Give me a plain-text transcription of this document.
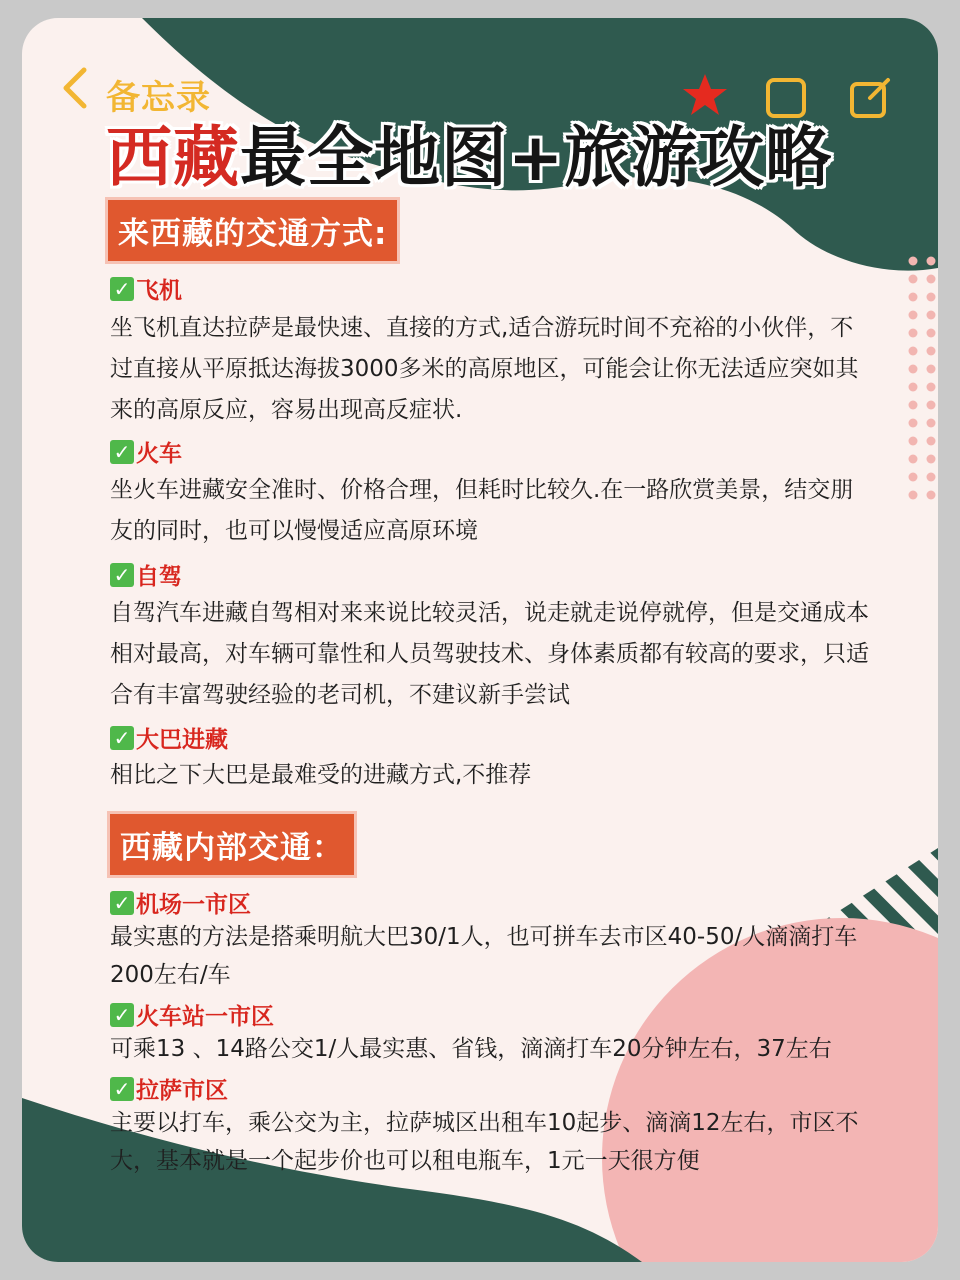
备忘录
西藏最全地图+旅游攻略
来西藏的交通方式:
✓ 飞机
坐飞机直达拉萨是最快速、直接的方式,适合游玩时间不充裕的小伙伴，不过直接从平原抵达海拔3000多米的高原地区，可能会让你无法适应突如其来的高原反应，容易出现高反症状.
✓ 火车
坐火车进藏安全准时、价格合理，但耗时比较久.在一路欣赏美景，结交朋友的同时，也可以慢慢适应高原环境
✓ 自驾
自驾汽车进藏自驾相对来来说比较灵活，说走就走说停就停，但是交通成本相对最高，对车辆可靠性和人员驾驶技术、身体素质都有较高的要求，只适合有丰富驾驶经验的老司机，不建议新手尝试
✓ 大巴进藏
相比之下大巴是最难受的进藏方式,不推荐
西藏内部交通：
✓ 机场一市区
最实惠的方法是搭乘明航大巴30/1人，也可拼车去市区40-50/人滴滴打车200左右/车
✓ 火车站一市区
可乘13 、14路公交1/人最实惠、省钱，滴滴打车20分钟左右，37左右
✓ 拉萨市区
主要以打车，乘公交为主，拉萨城区出租车10起步、滴滴12左右，市区不大，基本就是一个起步价也可以租电瓶车，1元一天很方便
